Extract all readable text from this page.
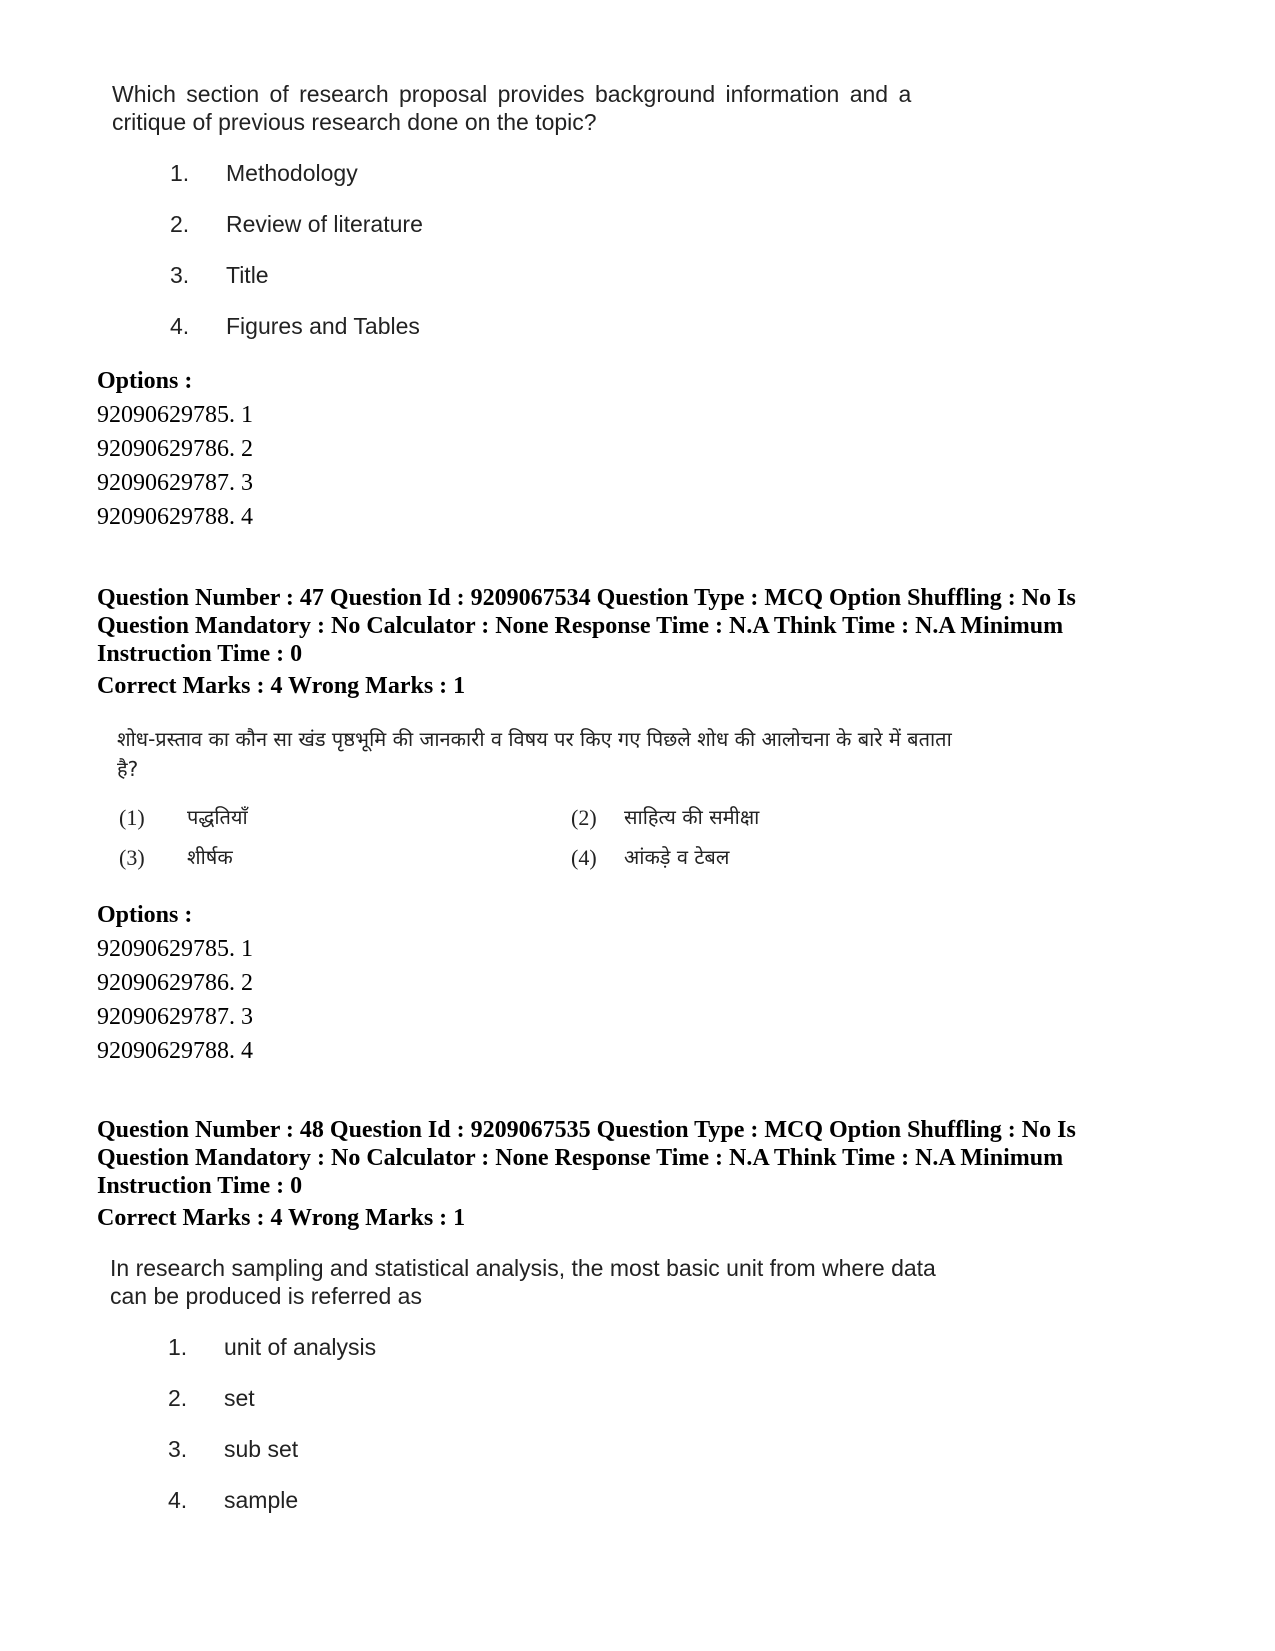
Which section of research proposal provides background information and a
critique of previous research done on the topic?
1. Methodology
2. Review of literature
3. Title
4. Figures and Tables
Options :
92090629785. 1
92090629786. 2
92090629787. 3
92090629788. 4
Question Number : 47 Question Id : 9209067534 Question Type : MCQ Option Shuffling : No Is
Question Mandatory : No Calculator : None Response Time : N.A Think Time : N.A Minimum
Instruction Time : 0
Correct Marks : 4 Wrong Marks : 1
शोध-प्रस्ताव का कौन सा खंड पृष्ठभूमि की जानकारी व विषय पर किए गए पिछले शोध की आलोचना के बारे में बताता
है?
(1) पद्धतियाँ	(2) साहित्य की समीक्षा
(3) शीर्षक	(4) आंकड़े व टेबल
Options :
92090629785. 1
92090629786. 2
92090629787. 3
92090629788. 4
Question Number : 48 Question Id : 9209067535 Question Type : MCQ Option Shuffling : No Is
Question Mandatory : No Calculator : None Response Time : N.A Think Time : N.A Minimum
Instruction Time : 0
Correct Marks : 4 Wrong Marks : 1
In research sampling and statistical analysis, the most basic unit from where data
can be produced is referred as
1. unit of analysis
2. set
3. sub set
4. sample
